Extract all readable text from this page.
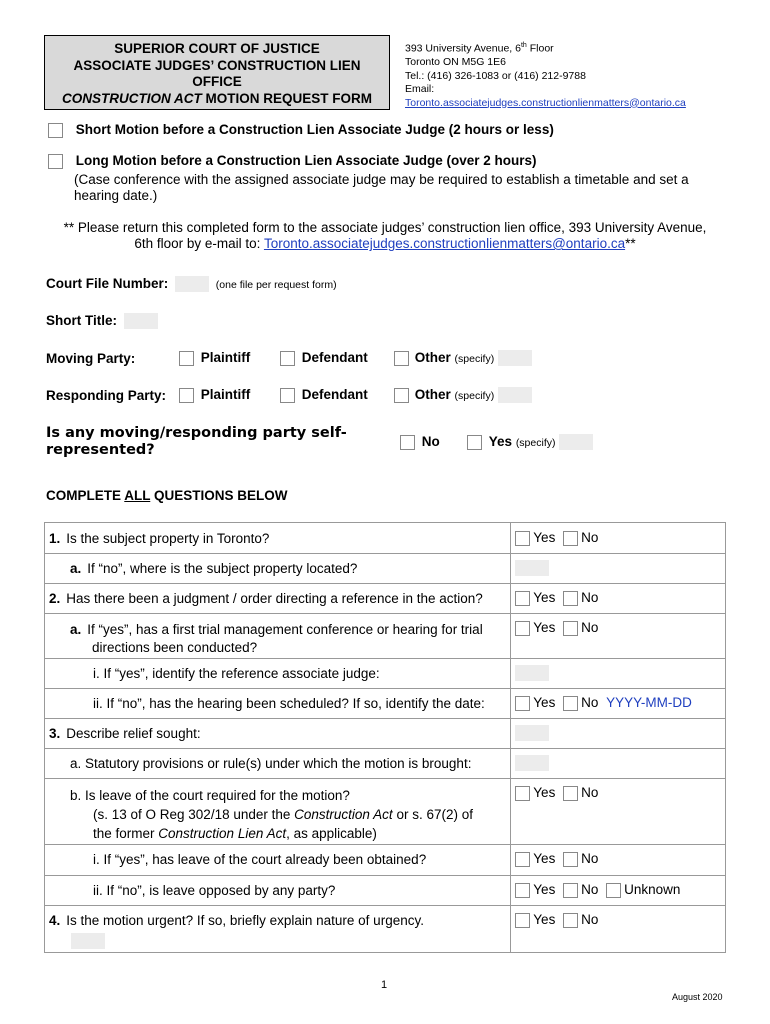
SUPERIOR COURT OF JUSTICE
ASSOCIATE JUDGES’ CONSTRUCTION LIEN
OFFICE
CONSTRUCTION ACT MOTION REQUEST FORM
393 University Avenue, 6th Floor
Toronto ON M5G 1E6
Tel.: (416) 326-1083 or (416) 212-9788
Email:
Toronto.associatejudges.constructionlienmatters@ontario.ca
Short Motion before a Construction Lien Associate Judge (2 hours or less)
Long Motion before a Construction Lien Associate Judge (over 2 hours)
(Case conference with the assigned associate judge may be required to establish a timetable and set a hearing date.)
** Please return this completed form to the associate judges’ construction lien office, 393 University Avenue,
6th floor by e-mail to: Toronto.associatejudges.constructionlienmatters@ontario.ca**
Court File Number:	(one file per request form)
Short Title:
Moving Party:	Plaintiff	Defendant	Other (specify)
Responding Party:	Plaintiff	Defendant	Other (specify)
Is any moving/responding party self-
represented?
No	Yes (specify)
COMPLETE ALL QUESTIONS BELOW
1. Is the subject property in Toronto?	Yes No

a. If “no”, where is the subject property located?	

2. Has there been a judgment / order directing a reference in the action?	Yes No

a. If “yes”, has a first trial management conference or hearing for trial
directions been conducted?	Yes No

i. If “yes”, identify the reference associate judge:	

ii. If “no”, has the hearing been scheduled? If so, identify the date:	Yes No YYYY-MM-DD

3. Describe relief sought:	

a. Statutory provisions or rule(s) under which the motion is brought:	

b. Is leave of the court required for the motion?
(s. 13 of O Reg 302/18 under the Construction Act or s. 67(2) of
the former Construction Lien Act, as applicable)	Yes No

i. If “yes”, has leave of the court already been obtained?	Yes No

ii. If “no”, is leave opposed by any party?	Yes No Unknown

4. Is the motion urgent? If so, briefly explain nature of urgency.	Yes No
1
August 2020
